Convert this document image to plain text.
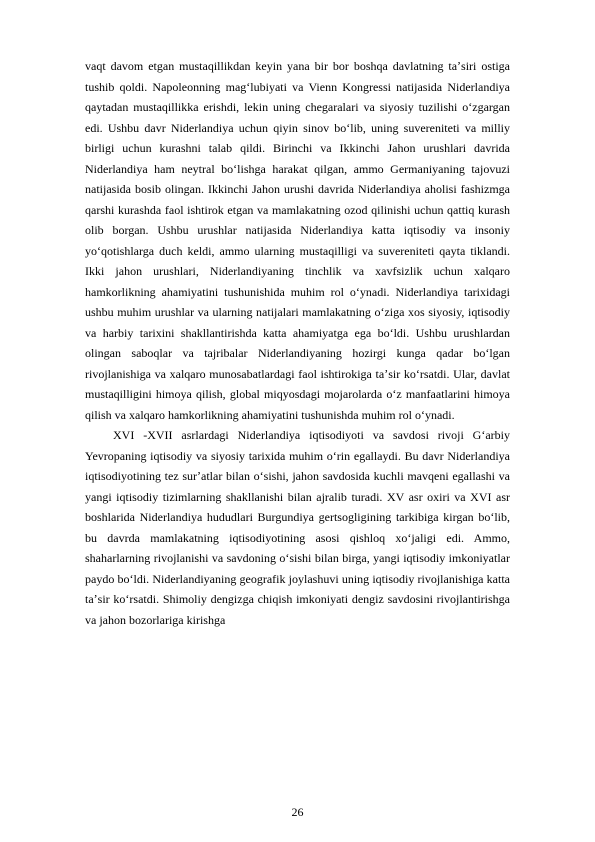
vaqt davom etgan mustaqillikdan keyin yana bir bor boshqa davlatning taʼsiri ostiga tushib qoldi. Napoleonning magʻlubiyati va Vienn Kongressi natijasida Niderlandiya qaytadan mustaqillikka erishdi, lekin uning chegaralari va siyosiy tuzilishi oʻzgargan edi. Ushbu davr Niderlandiya uchun qiyin sinov boʻlib, uning suvereniteti va milliy birligi uchun kurashni talab qildi. Birinchi va Ikkinchi Jahon urushlari davrida Niderlandiya ham neytral boʻlishga harakat qilgan, ammo Germaniyaning tajovuzi natijasida bosib olingan. Ikkinchi Jahon urushi davrida Niderlandiya aholisi fashizmga qarshi kurashda faol ishtirok etgan va mamlakatning ozod qilinishi uchun qattiq kurash olib borgan. Ushbu urushlar natijasida Niderlandiya katta iqtisodiy va insoniy yoʻqotishlarga duch keldi, ammo ularning mustaqilligi va suvereniteti qayta tiklandi. Ikki jahon urushlari, Niderlandiyaning tinchlik va xavfsizlik uchun xalqaro hamkorlikning ahamiyatini tushunishida muhim rol oʻynadi. Niderlandiya tarixidagi ushbu muhim urushlar va ularning natijalari mamlakatning oʻziga xos siyosiy, iqtisodiy va harbiy tarixini shakllantirishda katta ahamiyatga ega boʻldi. Ushbu urushlardan olingan saboqlar va tajribalar Niderlandiyaning hozirgi kunga qadar boʻlgan rivojlanishiga va xalqaro munosabatlardagi faol ishtirokiga taʼsir koʻrsatdi. Ular, davlat mustaqilligini himoya qilish, global miqyosdagi mojarolarda oʻz manfaatlarini himoya qilish va xalqaro hamkorlikning ahamiyatini tushunishda muhim rol oʻynadi.

XVI -XVII asrlardagi Niderlandiya iqtisodiyoti va savdosi rivoji Gʻarbiy Yevropaning iqtisodiy va siyosiy tarixida muhim oʻrin egallaydi. Bu davr Niderlandiya iqtisodiyotining tez surʼatlar bilan oʻsishi, jahon savdosida kuchli mavqeni egallashi va yangi iqtisodiy tizimlarning shakllanishi bilan ajralib turadi. XV asr oxiri va XVI asr boshlarida Niderlandiya hududlari Burgundiya gertsogligining tarkibiga kirgan boʻlib, bu davrda mamlakatning iqtisodiyotining asosi qishloq xoʻjaligi edi. Ammo, shaharlarning rivojlanishi va savdoning oʻsishi bilan birga, yangi iqtisodiy imkoniyatlar paydo boʻldi. Niderlandiyaning geografik joylashuvi uning iqtisodiy rivojlanishiga katta taʼsir koʻrsatdi. Shimoliy dengizga chiqish imkoniyati dengiz savdosini rivojlantirishga va jahon bozorlariga kirishga

26
